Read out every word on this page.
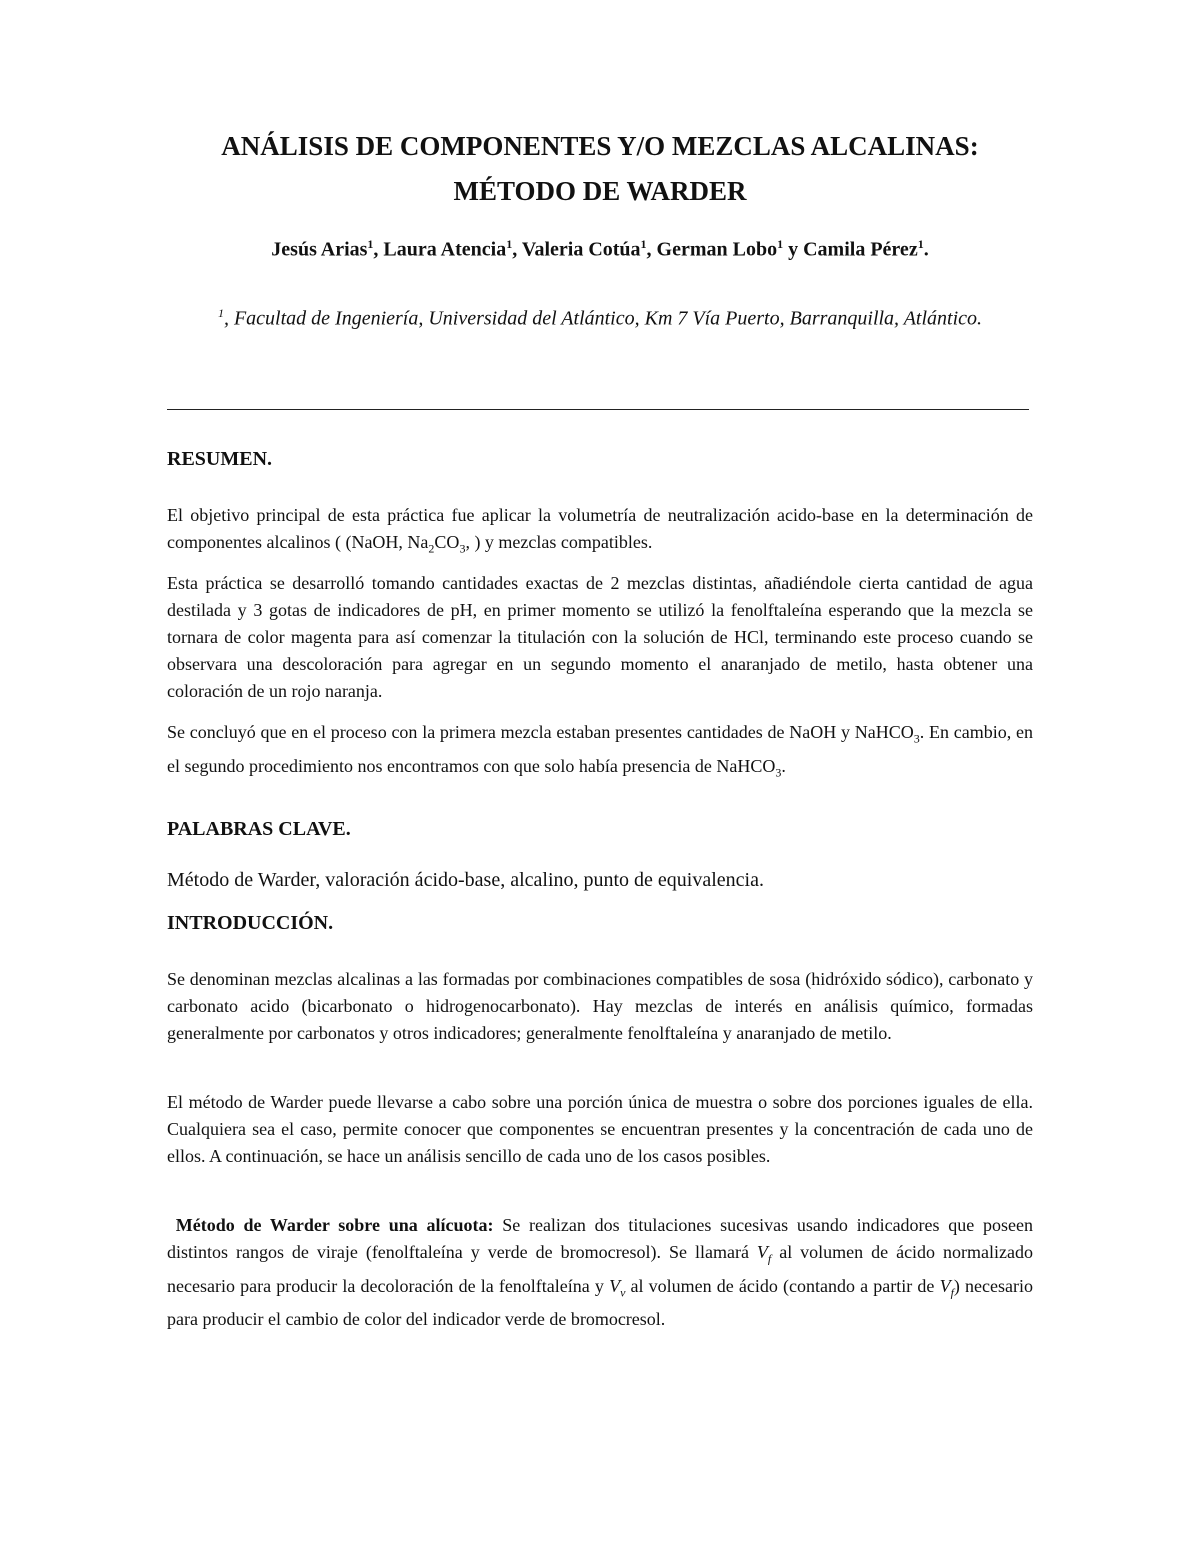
ANÁLISIS DE COMPONENTES Y/O MEZCLAS ALCALINAS:
MÉTODO DE WARDER
Jesús Arias$^1$, Laura Atencia$^1$, Valeria Cotúa$^1$, German Lobo$^1$ y Camila Pérez$^1$.
$^1$, Facultad de Ingeniería, Universidad del Atlántico, Km 7 Vía Puerto, Barranquilla, Atlántico.
RESUMEN.

El objetivo principal de esta práctica fue aplicar la volumetría de neutralización acido-base en la determinación de componentes alcalinos ( (NaOH, $Na_2CO_3$, ) y mezclas compatibles.

Esta práctica se desarrolló tomando cantidades exactas de 2 mezclas distintas, añadiéndole cierta cantidad de agua destilada y 3 gotas de indicadores de pH, en primer momento se utilizó la fenolftaleína esperando que la mezcla se tornara de color magenta para así comenzar la titulación con la solución de HCl, terminando este proceso cuando se observara una descoloración para agregar en un segundo momento el anaranjado de metilo, hasta obtener una coloración de un rojo naranja.

Se concluyó que en el proceso con la primera mezcla estaban presentes cantidades de NaOH y NaHCO$_3$. En cambio, en el segundo procedimiento nos encontramos con que solo había presencia de NaHCO$_3$.

PALABRAS CLAVE.

Método de Warder, valoración ácido-base, alcalino, punto de equivalencia.

INTRODUCCIÓN.

Se denominan mezclas alcalinas a las formadas por combinaciones compatibles de sosa (hidróxido sódico), carbonato y carbonato acido (bicarbonato o hidrogenocarbonato). Hay mezclas de interés en análisis químico, formadas generalmente por carbonatos y otros indicadores; generalmente fenolftaleína y anaranjado de metilo.

El método de Warder puede llevarse a cabo sobre una porción única de muestra o sobre dos porciones iguales de ella. Cualquiera sea el caso, permite conocer que componentes se encuentran presentes y la concentración de cada uno de ellos. A continuación, se hace un análisis sencillo de cada uno de los casos posibles.

Método de Warder sobre una alícuota: Se realizan dos titulaciones sucesivas usando indicadores que poseen distintos rangos de viraje (fenolftaleína y verde de bromocresol). Se llamará $V_f$ al volumen de ácido normalizado necesario para producir la decoloración de la fenolftaleína y $V_v$ al volumen de ácido (contando a partir de $V_f$) necesario para producir el cambio de color del indicador verde de bromocresol.
